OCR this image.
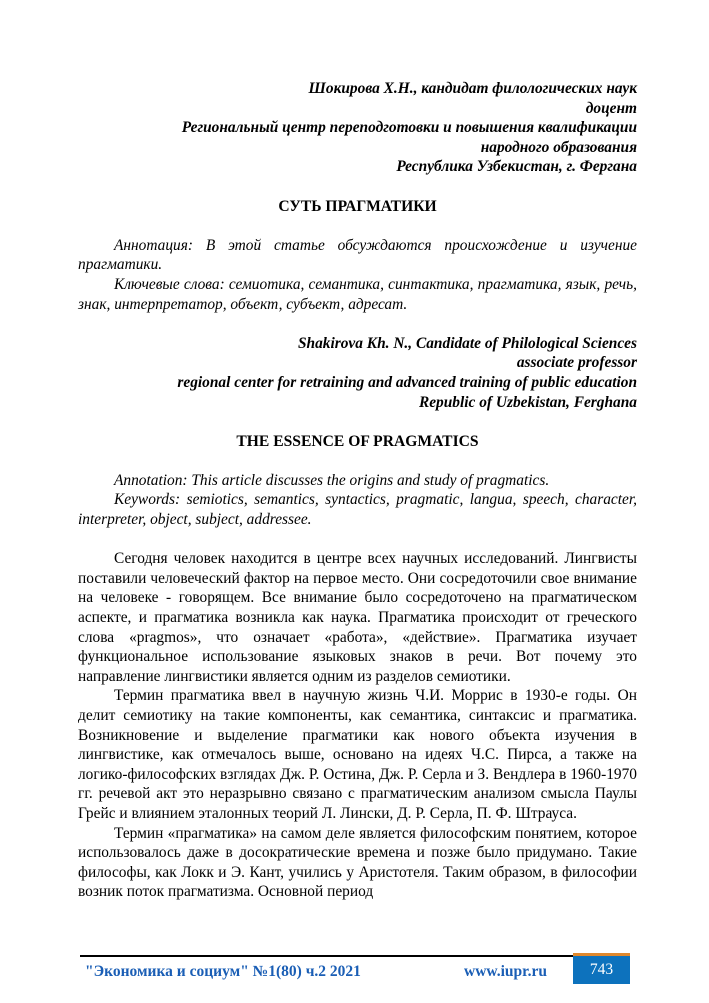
Шокирова Х.Н., кандидат филологических наук
доцент
Региональный центр переподготовки и повышения квалификации
народного образования
Республика Узбекистан, г. Фергана
СУТЬ ПРАГМАТИКИ

Аннотация: В этой статье обсуждаются происхождение и изучение прагматики.

Ключевые слова: семиотика, семантика, синтактика, прагматика, язык, речь, знак, интерпретатор, объект, субъект, адресат.

Shakirova Kh. N., Candidate of Philological Sciences
associate professor
regional center for retraining and advanced training of public education
Republic of Uzbekistan, Ferghana
THE ESSENCE OF PRAGMATICS

Annotation: This article discusses the origins and study of pragmatics.

Keywords: semiotics, semantics, syntactics, pragmatic, langua, speech, character, interpreter, object, subject, addressee.

Сегодня человек находится в центре всех научных исследований. Лингвисты поставили человеческий фактор на первое место. Они сосредоточили свое внимание на человеке - говорящем. Все внимание было сосредоточено на прагматическом аспекте, и прагматика возникла как наука. Прагматика происходит от греческого слова «pragmos», что означает «работа», «действие». Прагматика изучает функциональное использование языковых знаков в речи. Вот почему это направление лингвистики является одним из разделов семиотики.

Термин прагматика ввел в научную жизнь Ч.И. Моррис в 1930-е годы. Он делит семиотику на такие компоненты, как семантика, синтаксис и прагматика. Возникновение и выделение прагматики как нового объекта изучения в лингвистике, как отмечалось выше, основано на идеях Ч.С. Пирса, а также на логико-философских взглядах Дж. Р. Остина, Дж. Р. Серла и З. Вендлера в 1960-1970 гг. речевой акт это неразрывно связано с прагматическим анализом смысла Паулы Грейс и влиянием эталонных теорий Л. Лински, Д. Р. Серла, П. Ф. Штрауса.

Термин «прагматика» на самом деле является философским понятием, которое использовалось даже в досократические времена и позже было придумано. Такие философы, как Локк и Э. Кант, учились у Аристотеля. Таким образом, в философии возник поток прагматизма. Основной период

"Экономика и социум" №1(80) ч.2 2021	www.iupr.ru	743
